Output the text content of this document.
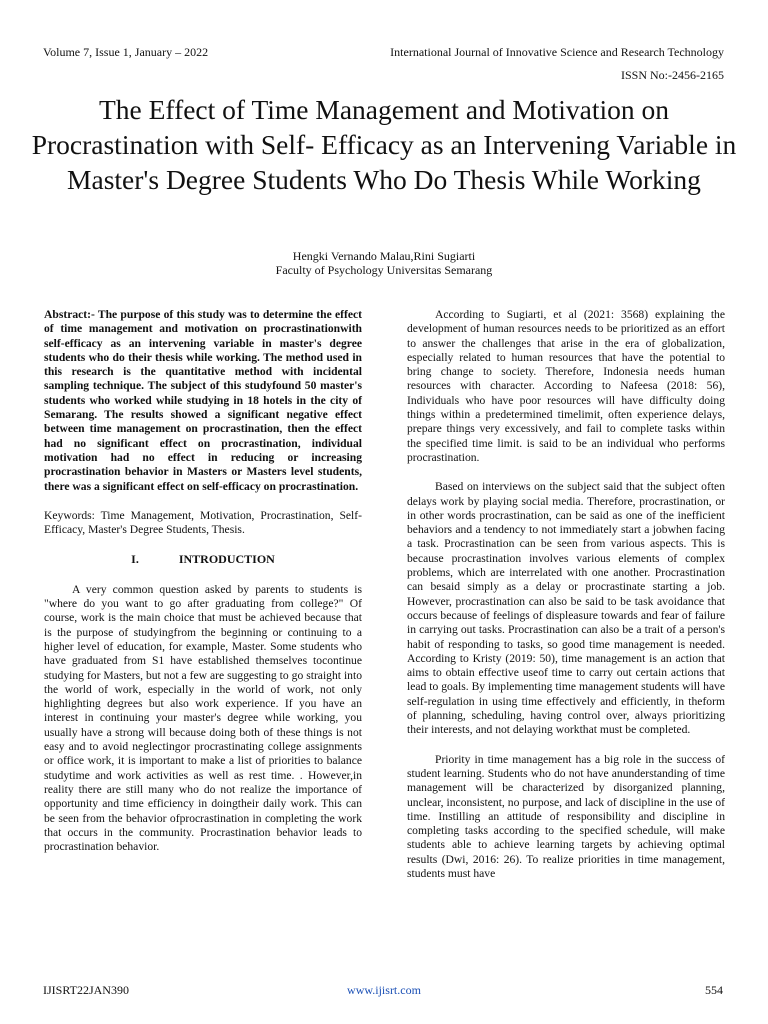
Volume 7, Issue 1, January – 2022	International Journal of Innovative Science and Research Technology
ISSN No:-2456-2165
The Effect of Time Management and Motivation on Procrastination with Self- Efficacy as an Intervening Variable in Master's Degree Students Who Do Thesis While Working
Hengki Vernando Malau,Rini Sugiarti
Faculty of Psychology Universitas Semarang

Abstract:- The purpose of this study was to determine the effect of time management and motivation on procrastinationwith self-efficacy as an intervening variable in master's degree students who do their thesis while working. The method used in this research is the quantitative method with incidental sampling technique. The subject of this studyfound 50 master's students who worked while studying in 18 hotels in the city of Semarang. The results showed a significant negative effect between time management on procrastination, then the effect had no significant effect on procrastination, individual motivation had no effect in reducing or increasing procrastination behavior in Masters or Masters level students, there was a significant effect on self-efficacy on procrastination.

Keywords: Time Management, Motivation, Procrastination, Self-Efficacy, Master's Degree Students, Thesis.

I.	INTRODUCTION

A very common question asked by parents to students is "where do you want to go after graduating from college?" Of course, work is the main choice that must be achieved because that is the purpose of studyingfrom the beginning or continuing to a higher level of education, for example, Master. Some students who have graduated from S1 have established themselves tocontinue studying for Masters, but not a few are suggesting to go straight into the world of work, especially in the world of work, not only highlighting degrees but also work experience. If you have an interest in continuing your master's degree while working, you usually have a strong will because doing both of these things is not easy and to avoid neglectingor procrastinating college assignments or office work, it is important to make a list of priorities to balance studytime and work activities as well as rest time. . However,in reality there are still many who do not realize the importance of opportunity and time efficiency in doingtheir daily work. This can be seen from the behavior ofprocrastination in completing the work that occurs in the community. Procrastination behavior leads to procrastination behavior.

According to Sugiarti, et al (2021: 3568) explaining the development of human resources needs to be prioritized as an effort to answer the challenges that arise in the era of globalization, especially related to human resources that have the potential to bring change to society. Therefore, Indonesia needs human resources with character. According to Nafeesa (2018: 56), Individuals who have poor resources will have difficulty doing things within a predetermined timelimit, often experience delays, prepare things very excessively, and fail to complete tasks within the specified time limit. is said to be an individual who performs procrastination.

Based on interviews on the subject said that the subject often delays work by playing social media. Therefore, procrastination, or in other words procrastination, can be said as one of the inefficient behaviors and a tendency to not immediately start a jobwhen facing a task. Procrastination can be seen from various aspects. This is because procrastination involves various elements of complex problems, which are interrelated with one another. Procrastination can besaid simply as a delay or procrastinate starting a job. However, procrastination can also be said to be task avoidance that occurs because of feelings of displeasure towards and fear of failure in carrying out tasks. Procrastination can also be a trait of a person's habit of responding to tasks, so good time management is needed. According to Kristy (2019: 50), time management is an action that aims to obtain effective useof time to carry out certain actions that lead to goals. By implementing time management students will have self-regulation in using time effectively and efficiently, in theform of planning, scheduling, having control over, always prioritizing their interests, and not delaying workthat must be completed.

Priority in time management has a big role in the success of student learning. Students who do not have anunderstanding of time management will be characterized by disorganized planning, unclear, inconsistent, no purpose, and lack of discipline in the use of time. Instilling an attitude of responsibility and discipline in completing tasks according to the specified schedule, will make students able to achieve learning targets by achieving optimal results (Dwi, 2016: 26). To realize priorities in time management, students must have

IJISRT22JAN390	www.ijisrt.com	554
